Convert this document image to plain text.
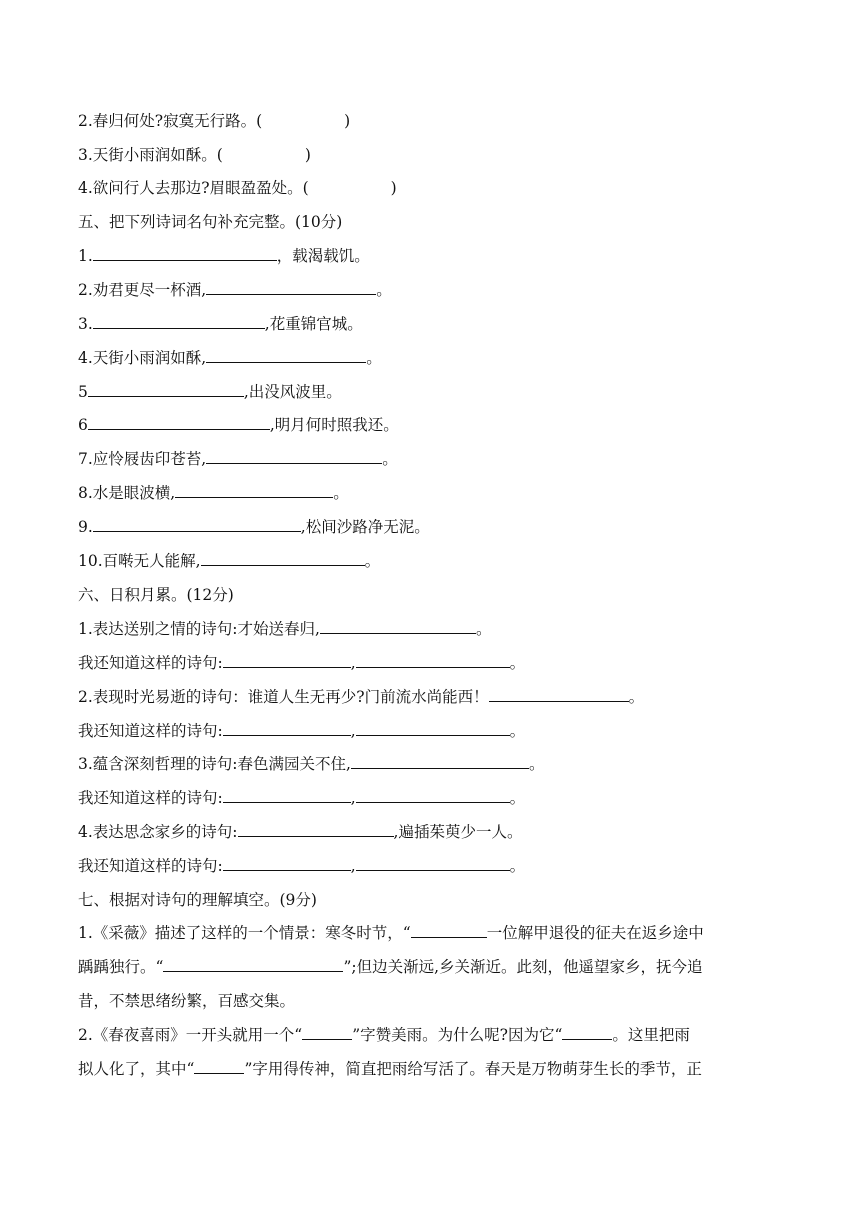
2.春归何处?寂寞无行路。(	)
3.天街小雨润如酥。(	)
4.欲问行人去那边?眉眼盈盈处。(	)
五、把下列诗词名句补充完整。(10分)
1.	，载渴载饥。
2.劝君更尽一杯酒,	。
3.	,花重锦官城。
4.天街小雨润如酥,	。
5	,出没风波里。
6	,明月何时照我还。
7.应怜屐齿印苍苔,	。
8.水是眼波横,	。
9.	,松间沙路净无泥。
10.百啭无人能解,	。
六、日积月累。(12分)
1.表达送别之情的诗句:才始送春归,	。
我还知道这样的诗句:	,	。
2.表现时光易逝的诗句：谁道人生无再少?门前流水尚能西！	。
我还知道这样的诗句:	,	。
3.蕴含深刻哲理的诗句:春色满园关不住,	。
我还知道这样的诗句:	,	。
4.表达思念家乡的诗句:	,遍插茱萸少一人。
我还知道这样的诗句:	,	。
七、根据对诗句的理解填空。(9分)
1.《采薇》描述了这样的一个情景：寒冬时节，“	一位解甲退役的征夫在返乡途中
踽踽独行。“	”;但边关渐远,乡关渐近。此刻，他遥望家乡，抚今追
昔，不禁思绪纷繁，百感交集。
2.《春夜喜雨》一开头就用一个“	”字赞美雨。为什么呢?因为它“	。这里把雨
拟人化了，其中“	”字用得传神，简直把雨给写活了。春天是万物萌芽生长的季节，正
